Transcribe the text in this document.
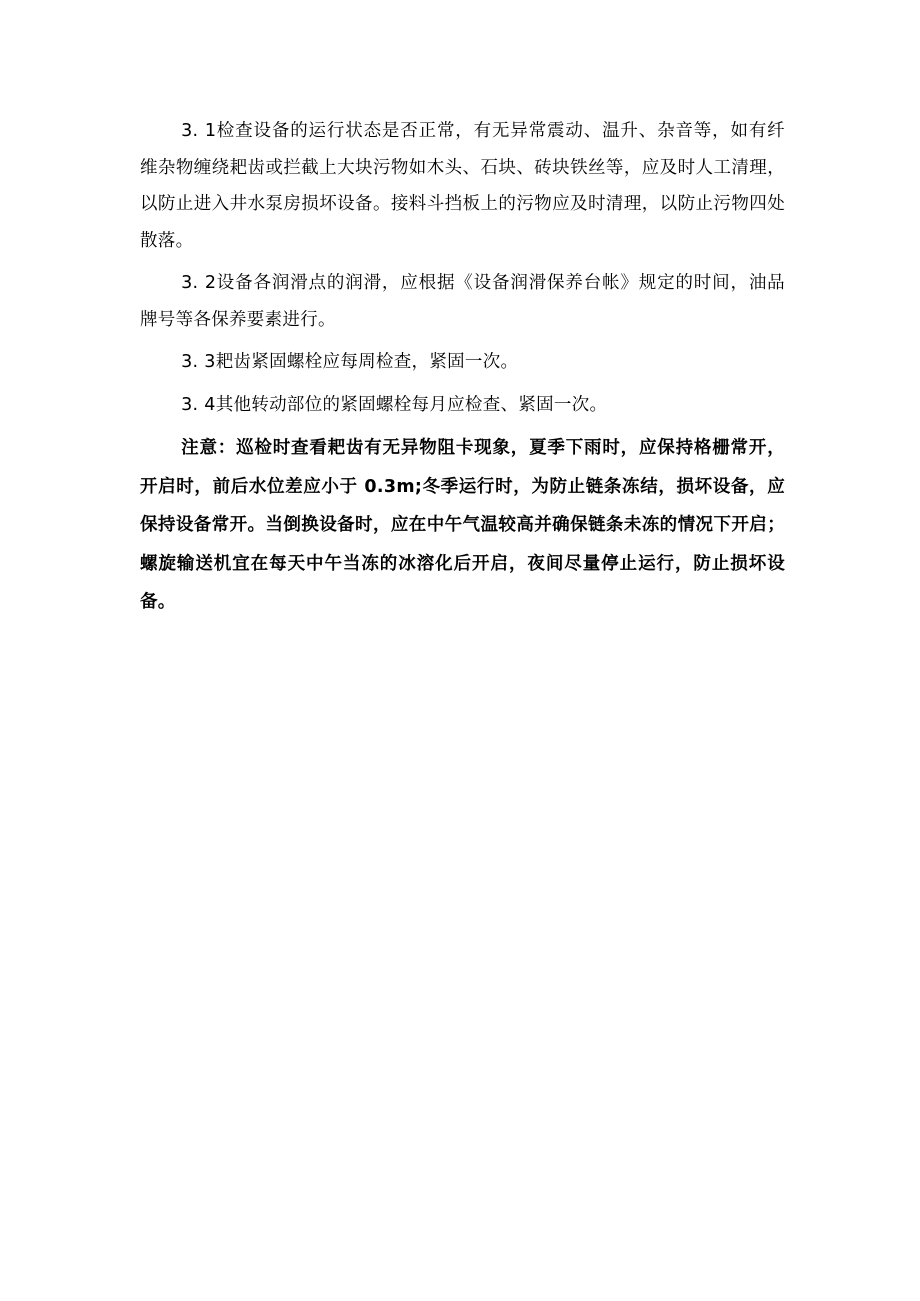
3. 1检查设备的运行状态是否正常，有无异常震动、温升、杂音等，如有纤维杂物缠绕耙齿或拦截上大块污物如木头、石块、砖块铁丝等，应及时人工清理，以防止进入井水泵房损坏设备。接料斗挡板上的污物应及时清理，以防止污物四处散落。

3. 2设备各润滑点的润滑，应根据《设备润滑保养台帐》规定的时间，油品牌号等各保养要素进行。

3. 3耙齿紧固螺栓应每周检查，紧固一次。

3. 4其他转动部位的紧固螺栓每月应检查、紧固一次。

注意：巡检时查看耙齿有无异物阻卡现象，夏季下雨时，应保持格栅常开，开启时，前后水位差应小于 0.3m;冬季运行时，为防止链条冻结，损坏设备，应保持设备常开。当倒换设备时，应在中午气温较高并确保链条未冻的情况下开启；螺旋输送机宜在每天中午当冻的冰溶化后开启，夜间尽量停止运行，防止损坏设备。
